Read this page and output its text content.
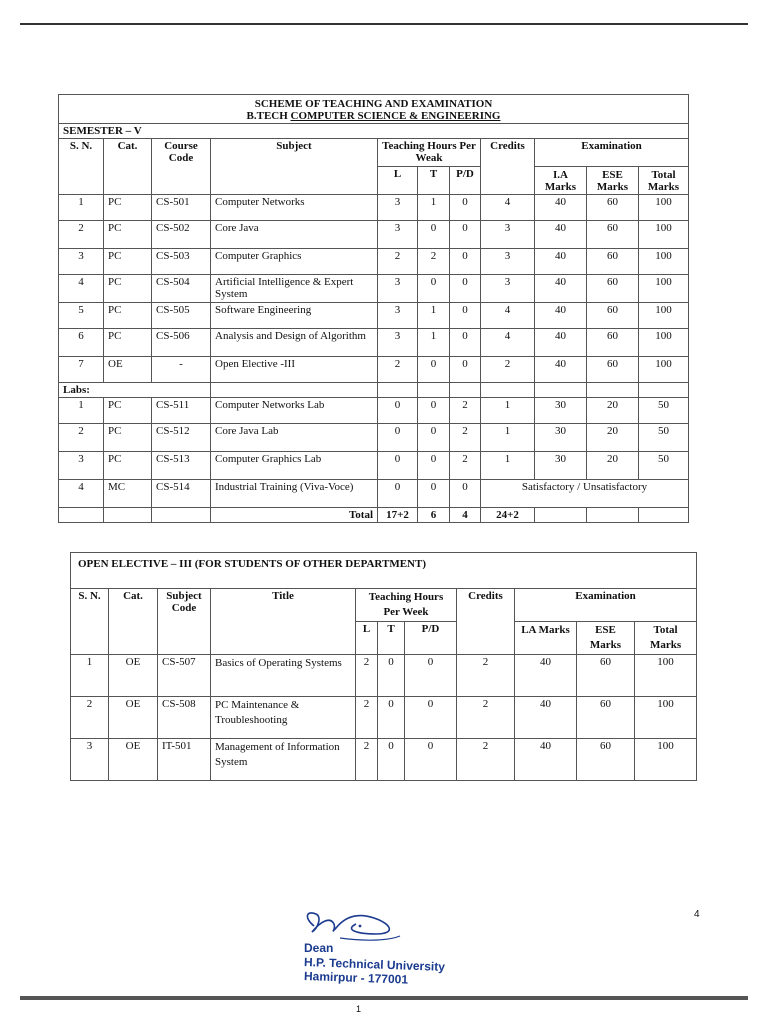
SCHEME OF TEACHING AND EXAMINATION
B.TECH COMPUTER SCIENCE & ENGINEERING										

SEMESTER – V										
S. N.	Cat.	Course Code	Subject	Teaching Hours Per Weak			Credits	Examination		
				L	T	P/D		I.A Marks	ESE Marks	Total Marks
1	PC	CS-501	Computer Networks	3	1	0	4	40	60	100
2	PC	CS-502	Core Java	3	0	0	3	40	60	100
3	PC	CS-503	Computer Graphics	2	2	0	3	40	60	100
4	PC	CS-504	Artificial Intelligence & Expert System	3	0	0	3	40	60	100
5	PC	CS-505	Software Engineering	3	1	0	4	40	60	100
6	PC	CS-506	Analysis and Design of Algorithm	3	1	0	4	40	60	100
7	OE	-	Open Elective -III	2	0	0	2	40	60	100
Labs:										
1	PC	CS-511	Computer Networks Lab	0	0	2	1	30	20	50
2	PC	CS-512	Core Java Lab	0	0	2	1	30	20	50
3	PC	CS-513	Computer Graphics Lab	0	0	2	1	30	20	50
4	MC	CS-514	Industrial Training (Viva-Voce)	0	0	0	Satisfactory / Unsatisfactory			
			Total	17+2	6	4	24+2			
OPEN ELECTIVE – III (FOR STUDENTS OF OTHER DEPARTMENT)										
S. N.	Cat.	Subject Code	Title	Teaching Hours Per Week			Credits	Examination		
				L	T	P/D		LA Marks	ESE Marks	Total Marks
1	OE	CS-507	Basics of Operating Systems	2	0	0	2	40	60	100
2	OE	CS-508	PC Maintenance & Troubleshooting	2	0	0	2	40	60	100
3	OE	IT-501	Management of Information System	2	0	0	2	40	60	100
4
Dean
H.P. Technical University
Hamirpur - 177001
1
